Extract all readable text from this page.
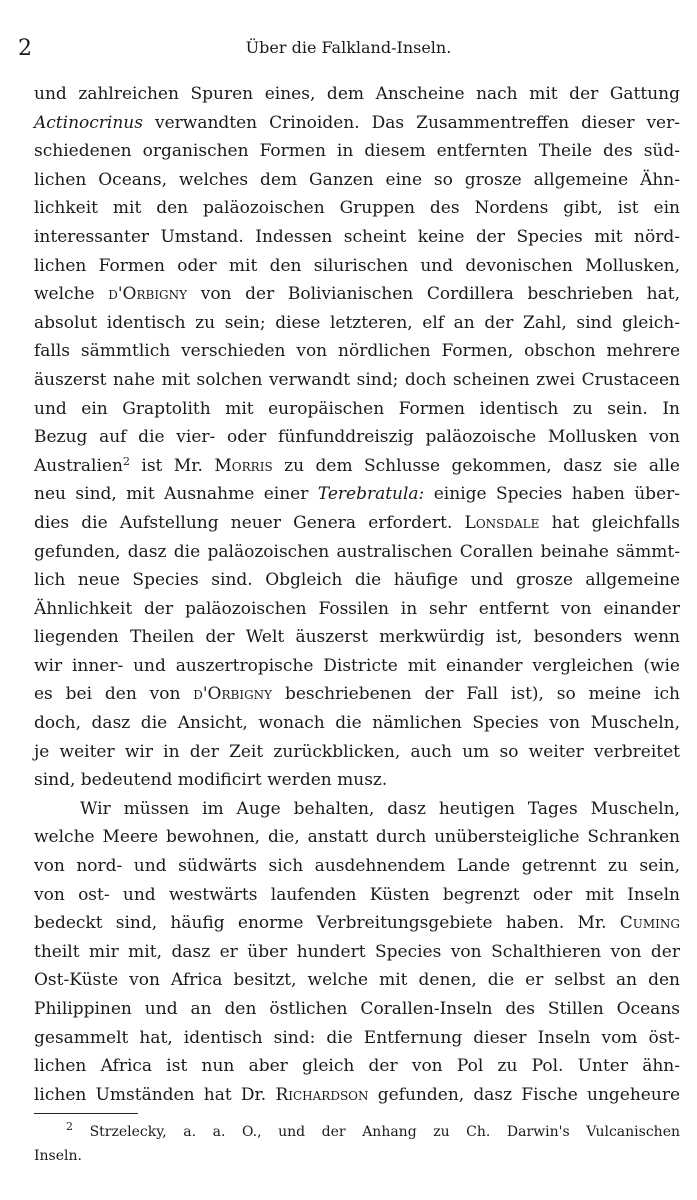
2	Über die Falkland-Inseln.
und zahlreichen Spuren eines, dem Anscheine nach mit der Gattung
Actinocrinus verwandten Crinoiden. Das Zusammentreffen dieser ver-
schiedenen organischen Formen in diesem entfernten Theile des süd-
lichen Oceans, welches dem Ganzen eine so grosze allgemeine Ähn-
lichkeit mit den paläozoischen Gruppen des Nordens gibt, ist ein
interessanter Umstand. Indessen scheint keine der Species mit nörd-
lichen Formen oder mit den silurischen und devonischen Mollusken,
welche d'Orbigny von der Bolivianischen Cordillera beschrieben hat,
absolut identisch zu sein; diese letzteren, elf an der Zahl, sind gleich-
falls sämmtlich verschieden von nördlichen Formen, obschon mehrere
äuszerst nahe mit solchen verwandt sind; doch scheinen zwei Crustaceen
und ein Graptolith mit europäischen Formen identisch zu sein. In
Bezug auf die vier- oder fünfunddreiszig paläozoische Mollusken von
Australien$^2$ ist Mr. Morris zu dem Schlusse gekommen, dasz sie alle
neu sind, mit Ausnahme einer Terebratula: einige Species haben über-
dies die Aufstellung neuer Genera erfordert. Lonsdale hat gleichfalls
gefunden, dasz die paläozoischen australischen Corallen beinahe sämmt-
lich neue Species sind. Obgleich die häufige und grosze allgemeine
Ähnlichkeit der paläozoischen Fossilen in sehr entfernt von einander
liegenden Theilen der Welt äuszerst merkwürdig ist, besonders wenn
wir inner- und auszertropische Districte mit einander vergleichen (wie
es bei den von d'Orbigny beschriebenen der Fall ist), so meine ich
doch, dasz die Ansicht, wonach die nämlichen Species von Muscheln,
je weiter wir in der Zeit zurückblicken, auch um so weiter verbreitet
sind, bedeutend modificirt werden musz.
Wir müssen im Auge behalten, dasz heutigen Tages Muscheln,
welche Meere bewohnen, die, anstatt durch unübersteigliche Schranken
von nord- und südwärts sich ausdehnendem Lande getrennt zu sein,
von ost- und westwärts laufenden Küsten begrenzt oder mit Inseln
bedeckt sind, häufig enorme Verbreitungsgebiete haben. Mr. Cuming
theilt mir mit, dasz er über hundert Species von Schalthieren von der
Ost-Küste von Africa besitzt, welche mit denen, die er selbst an den
Philippinen und an den östlichen Corallen-Inseln des Stillen Oceans
gesammelt hat, identisch sind: die Entfernung dieser Inseln vom öst-
lichen Africa ist nun aber gleich der von Pol zu Pol. Unter ähn-
lichen Umständen hat Dr. Richardson gefunden, dasz Fische ungeheure
$^2$ Strzelecky, a. a. O., und der Anhang zu Ch. Darwin's Vulcanischen
Inseln.
